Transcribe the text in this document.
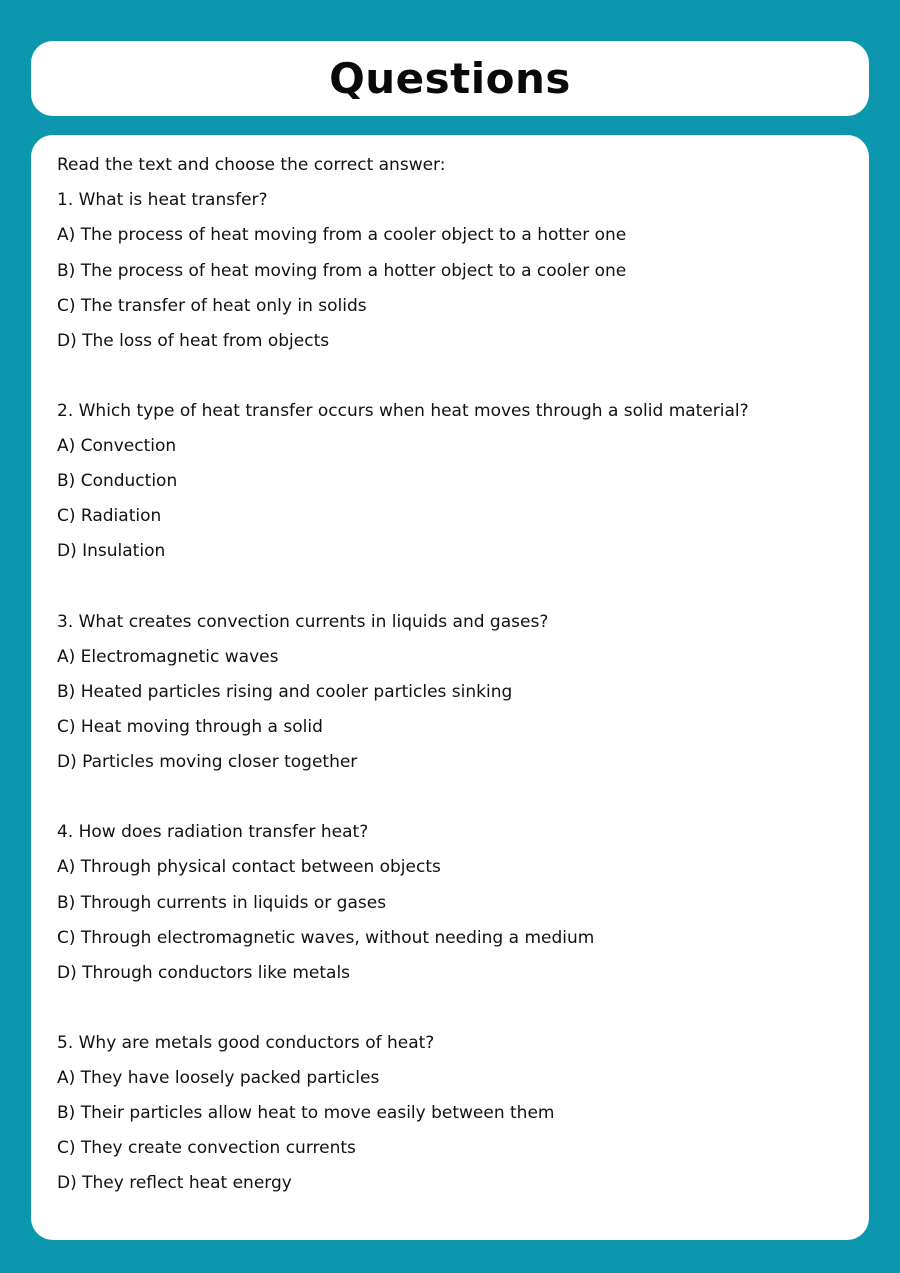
Questions
Read the text and choose the correct answer:
1. What is heat transfer?
A) The process of heat moving from a cooler object to a hotter one
B) The process of heat moving from a hotter object to a cooler one
C) The transfer of heat only in solids
D) The loss of heat from objects
2. Which type of heat transfer occurs when heat moves through a solid material?
A) Convection
B) Conduction
C) Radiation
D) Insulation
3. What creates convection currents in liquids and gases?
A) Electromagnetic waves
B) Heated particles rising and cooler particles sinking
C) Heat moving through a solid
D) Particles moving closer together
4. How does radiation transfer heat?
A) Through physical contact between objects
B) Through currents in liquids or gases
C) Through electromagnetic waves, without needing a medium
D) Through conductors like metals
5. Why are metals good conductors of heat?
A) They have loosely packed particles
B) Their particles allow heat to move easily between them
C) They create convection currents
D) They reflect heat energy
